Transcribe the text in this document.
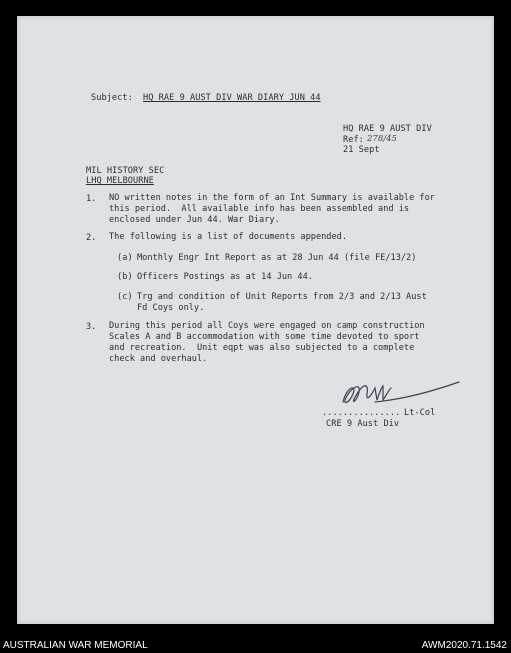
Subject: HQ RAE 9 AUST DIV WAR DIARY JUN 44
HQ RAE 9 AUST DIV
Ref: 278/45
21 Sept
MIL HISTORY SEC
LHQ MELBOURNE
1. NO written notes in the form of an Int Summary is available for
this period.  All available info has been assembled and is
enclosed under Jun 44. War Diary.
2. The following is a list of documents appended.
(a) Monthly Engr Int Report as at 28 Jun 44 (file FE/13/2)
(b) Officers Postings as at 14 Jun 44.
(c) Trg and condition of Unit Reports from 2/3 and 2/13 Aust
Fd Coys only.
3. During this period all Coys were engaged on camp construction
Scales A and B accommodation with some time devoted to sport
and recreation.  Unit eqpt was also subjected to a complete
check and overhaul.
............... Lt-Col
CRE 9 Aust Div
AUSTRALIAN WAR MEMORIAL	AWM2020.71.1542
